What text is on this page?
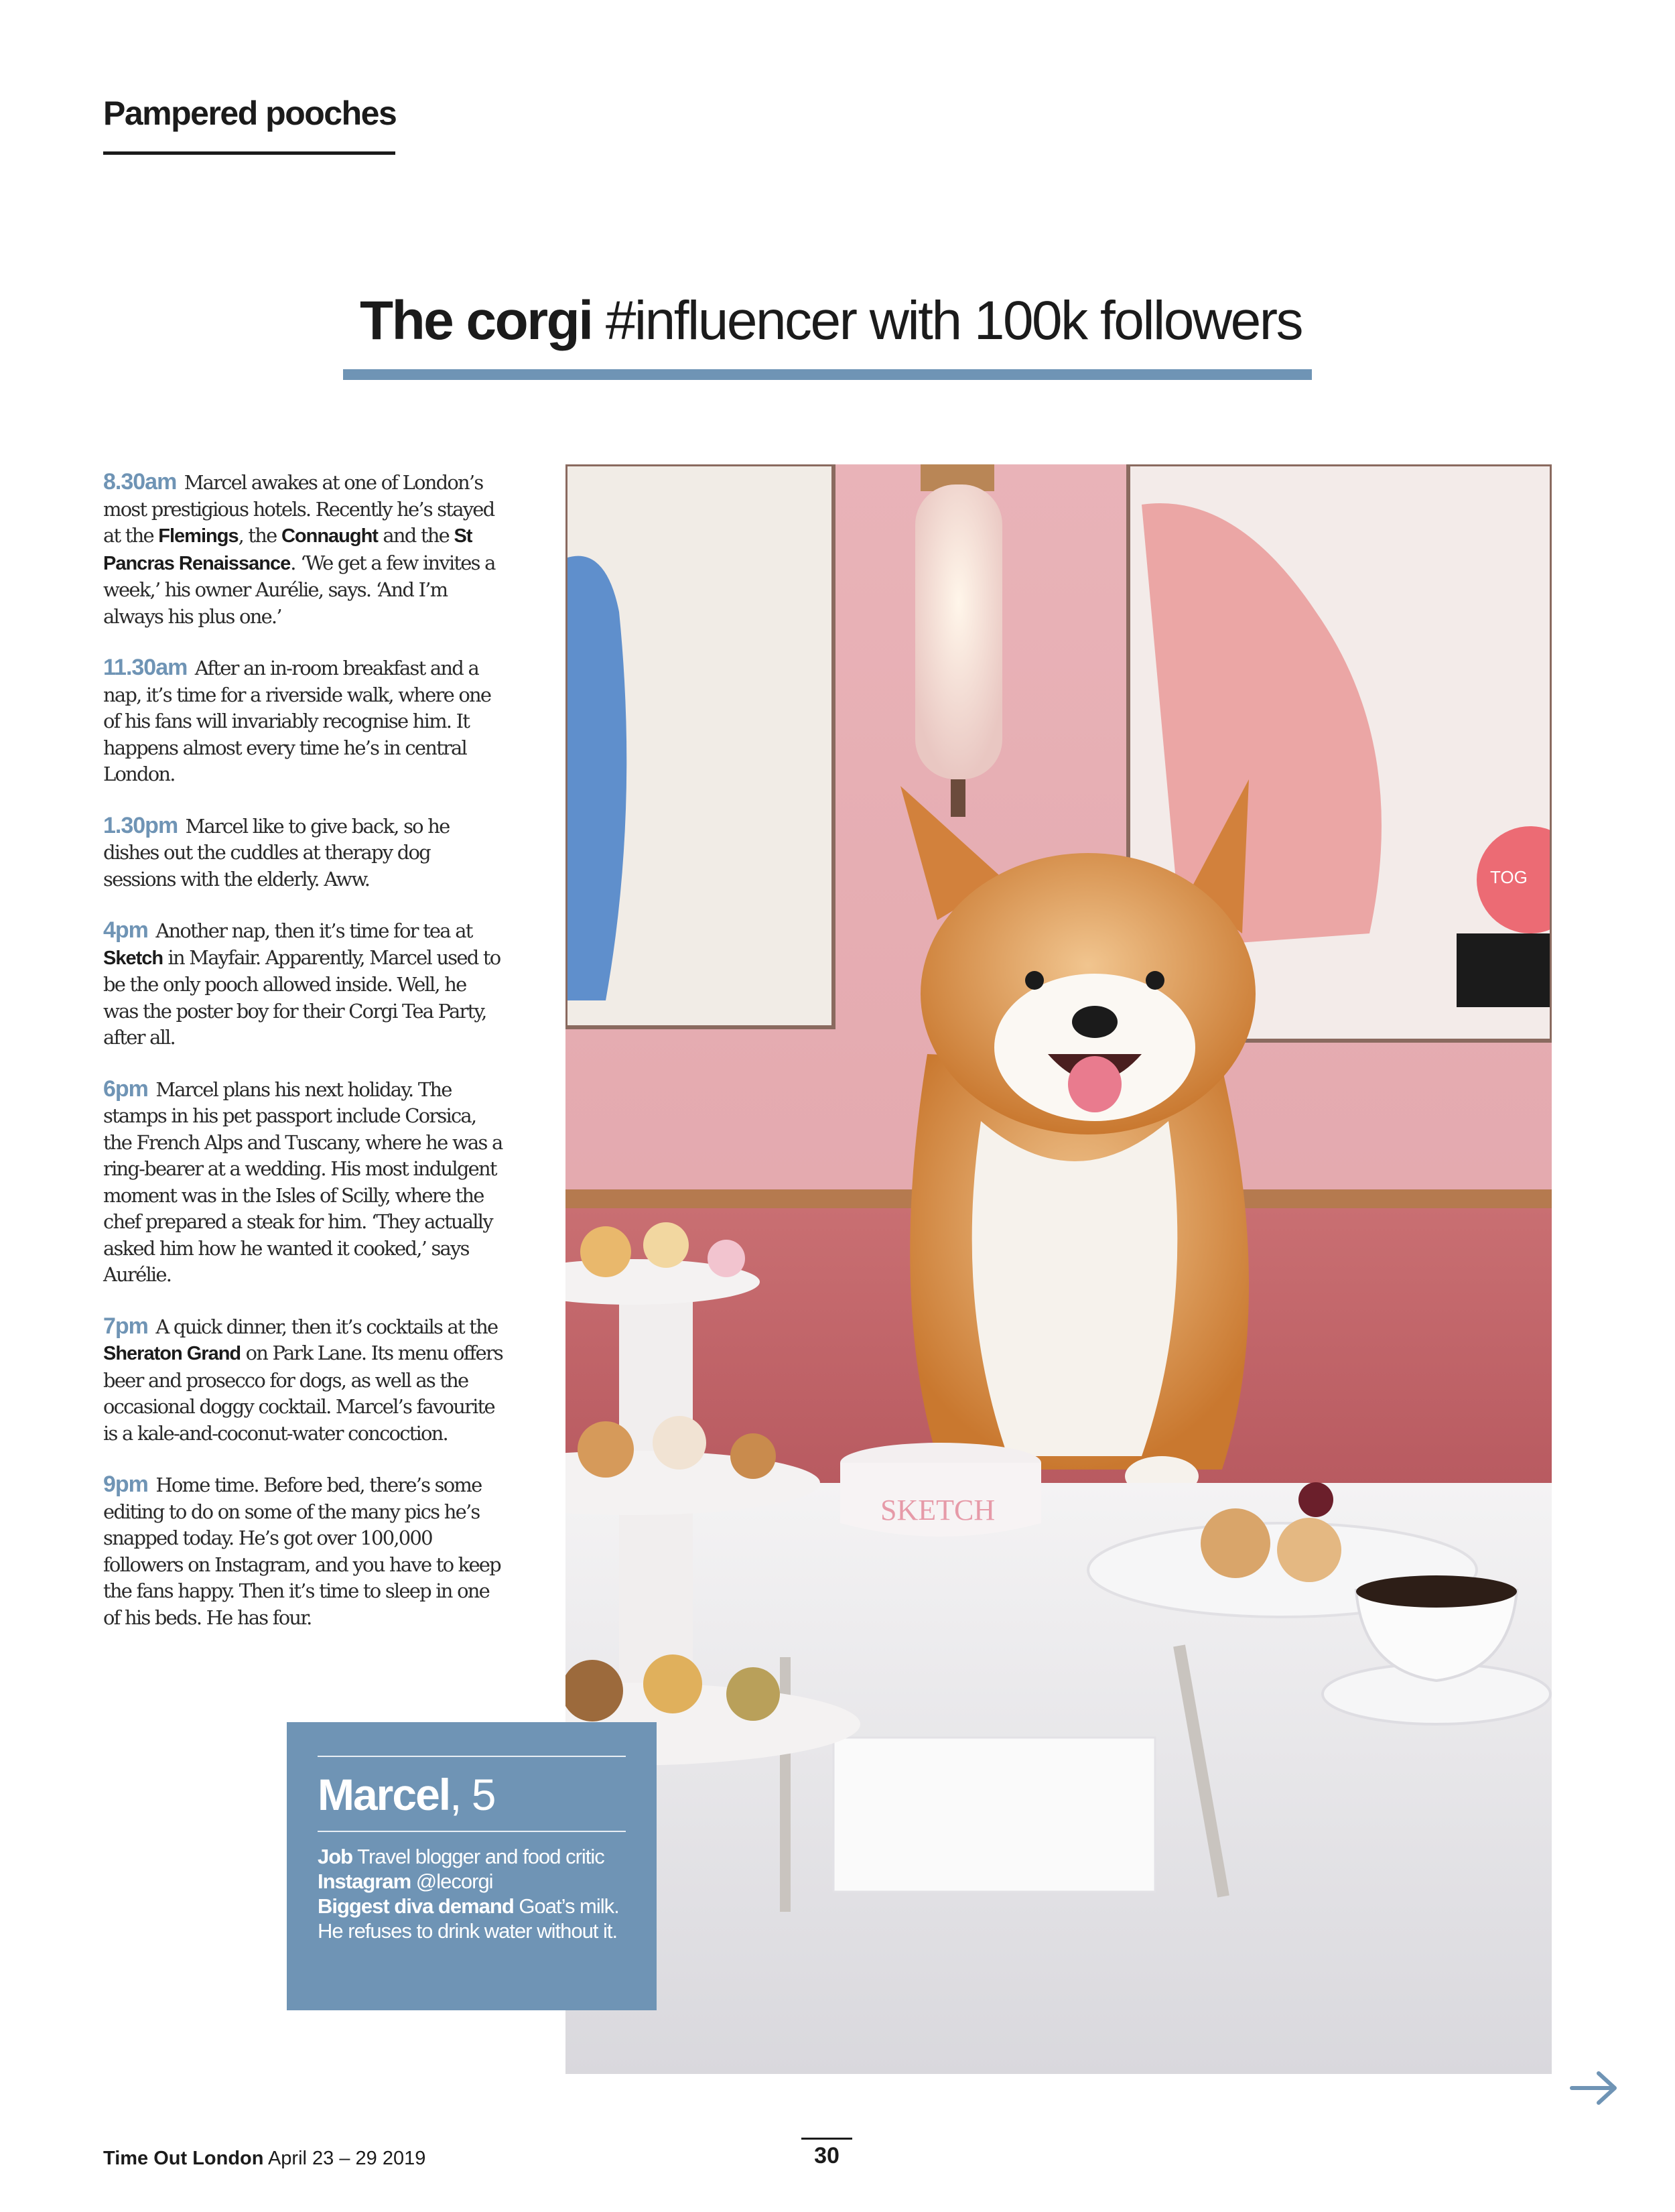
Pampered pooches
The corgi #influencer with 100k followers

8.30am Marcel awakes at one of London’s most prestigious hotels. Recently he’s stayed at the Flemings, the Connaught and the St Pancras Renaissance. ‘We get a few invites a week,’ his owner Aurélie, says. ‘And I’m always his plus one.’

11.30am After an in-room breakfast and a nap, it’s time for a riverside walk, where one of his fans will invariably recognise him. It happens almost every time he’s in central London.

1.30pm Marcel like to give back, so he dishes out the cuddles at therapy dog sessions with the elderly. Aww.

4pm Another nap, then it’s time for tea at Sketch in Mayfair. Apparently, Marcel used to be the only pooch allowed inside. Well, he was the poster boy for their Corgi Tea Party, after all.

6pm Marcel plans his next holiday. The stamps in his pet passport include Corsica, the French Alps and Tuscany, where he was a ring-bearer at a wedding. His most indulgent moment was in the Isles of Scilly, where the chef prepared a steak for him. ‘They actually asked him how he wanted it cooked,’ says Aurélie.

7pm A quick dinner, then it’s cocktails at the Sheraton Grand on Park Lane. Its menu offers beer and prosecco for dogs, as well as the occasional doggy cocktail. Marcel’s favourite is a kale-and-coconut-water concoction.

9pm Home time. Before bed, there’s some editing to do on some of the many pics he’s snapped today. He’s got over 100,000 followers on Instagram, and you have to keep the fans happy. Then it’s time to sleep in one of his beds. He has four.

TOG
SKETCH
Marcel, 5
Job Travel blogger and food critic
Instagram @lecorgi
Biggest diva demand Goat’s milk. He refuses to drink water without it.
Time Out London April 23 – 29 2019	30
